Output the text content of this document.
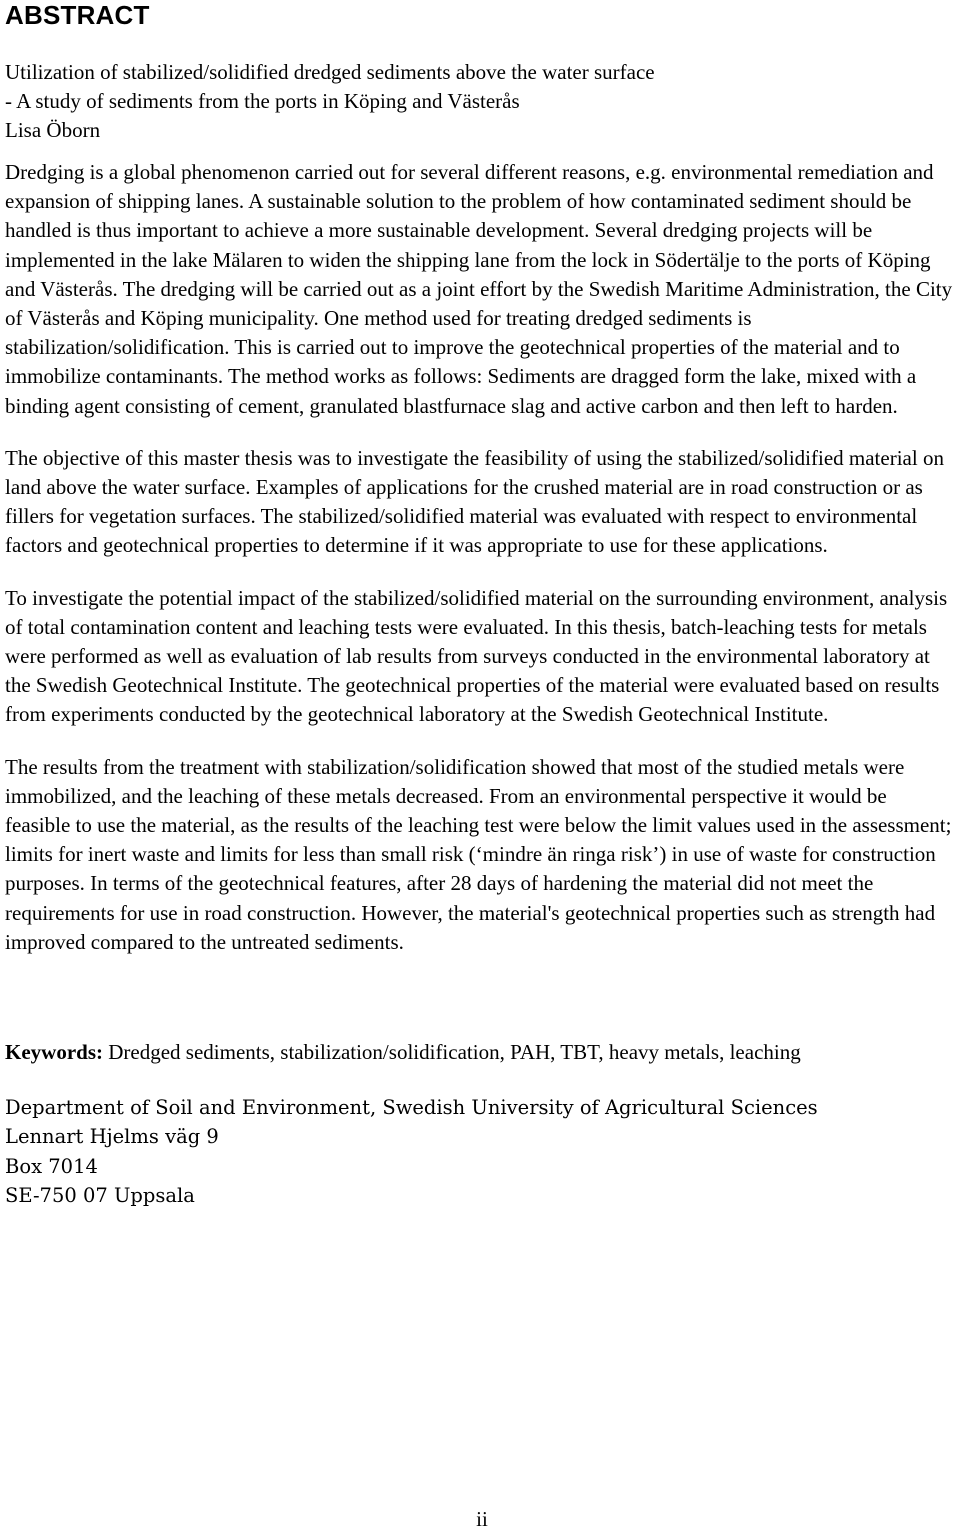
ABSTRACT
Utilization of stabilized/solidified dredged sediments above the water surface
- A study of sediments from the ports in Köping and Västerås
Lisa Öborn

Dredging is a global phenomenon carried out for several different reasons, e.g. environmental remediation and expansion of shipping lanes. A sustainable solution to the problem of how contaminated sediment should be handled is thus important to achieve a more sustainable development. Several dredging projects will be implemented in the lake Mälaren to widen the shipping lane from the lock in Södertälje to the ports of Köping and Västerås. The dredging will be carried out as a joint effort by the Swedish Maritime Administration, the City of Västerås and Köping municipality. One method used for treating dredged sediments is stabilization/solidification. This is carried out to improve the geotechnical properties of the material and to immobilize contaminants. The method works as follows: Sediments are dragged form the lake, mixed with a binding agent consisting of cement, granulated blastfurnace slag and active carbon and then left to harden.

The objective of this master thesis was to investigate the feasibility of using the stabilized/solidified material on land above the water surface. Examples of applications for the crushed material are in road construction or as fillers for vegetation surfaces. The stabilized/solidified material was evaluated with respect to environmental factors and geotechnical properties to determine if it was appropriate to use for these applications.

To investigate the potential impact of the stabilized/solidified material on the surrounding environment, analysis of total contamination content and leaching tests were evaluated. In this thesis, batch-leaching tests for metals were performed as well as evaluation of lab results from surveys conducted in the environmental laboratory at the Swedish Geotechnical Institute. The geotechnical properties of the material were evaluated based on results from experiments conducted by the geotechnical laboratory at the Swedish Geotechnical Institute.

The results from the treatment with stabilization/solidification showed that most of the studied metals were immobilized, and the leaching of these metals decreased. From an environmental perspective it would be feasible to use the material, as the results of the leaching test were below the limit values used in the assessment; limits for inert waste and limits for less than small risk (‘mindre än ringa risk’) in use of waste for construction purposes. In terms of the geotechnical features, after 28 days of hardening the material did not meet the requirements for use in road construction. However, the material's geotechnical properties such as strength had improved compared to the untreated sediments.

Keywords: Dredged sediments, stabilization/solidification, PAH, TBT, heavy metals, leaching
Department of Soil and Environment, Swedish University of Agricultural Sciences
Lennart Hjelms väg 9
Box 7014
SE-750 07 Uppsala
ii
